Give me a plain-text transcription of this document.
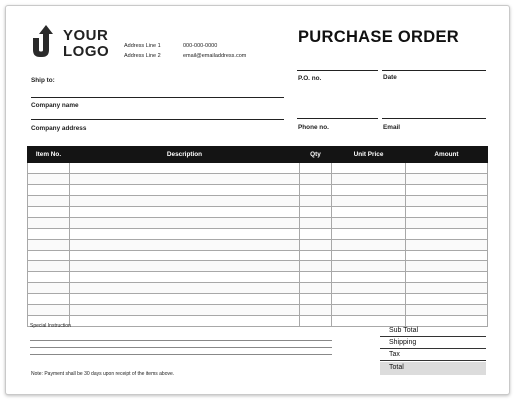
YOUR
LOGO	Address Line 1
Address Line 2
000-000-0000
email@emailaddress.com
PURCHASE ORDER
Ship to:
Company name
Company address
P.O. no.	Date
Phone no.	Email
Item No.	Description	Qty	Unit Price	Amount

Special Instruction
Sub Total
Shipping
Tax
Total
Note: Payment shall be 30 days upon receipt of the items above.
